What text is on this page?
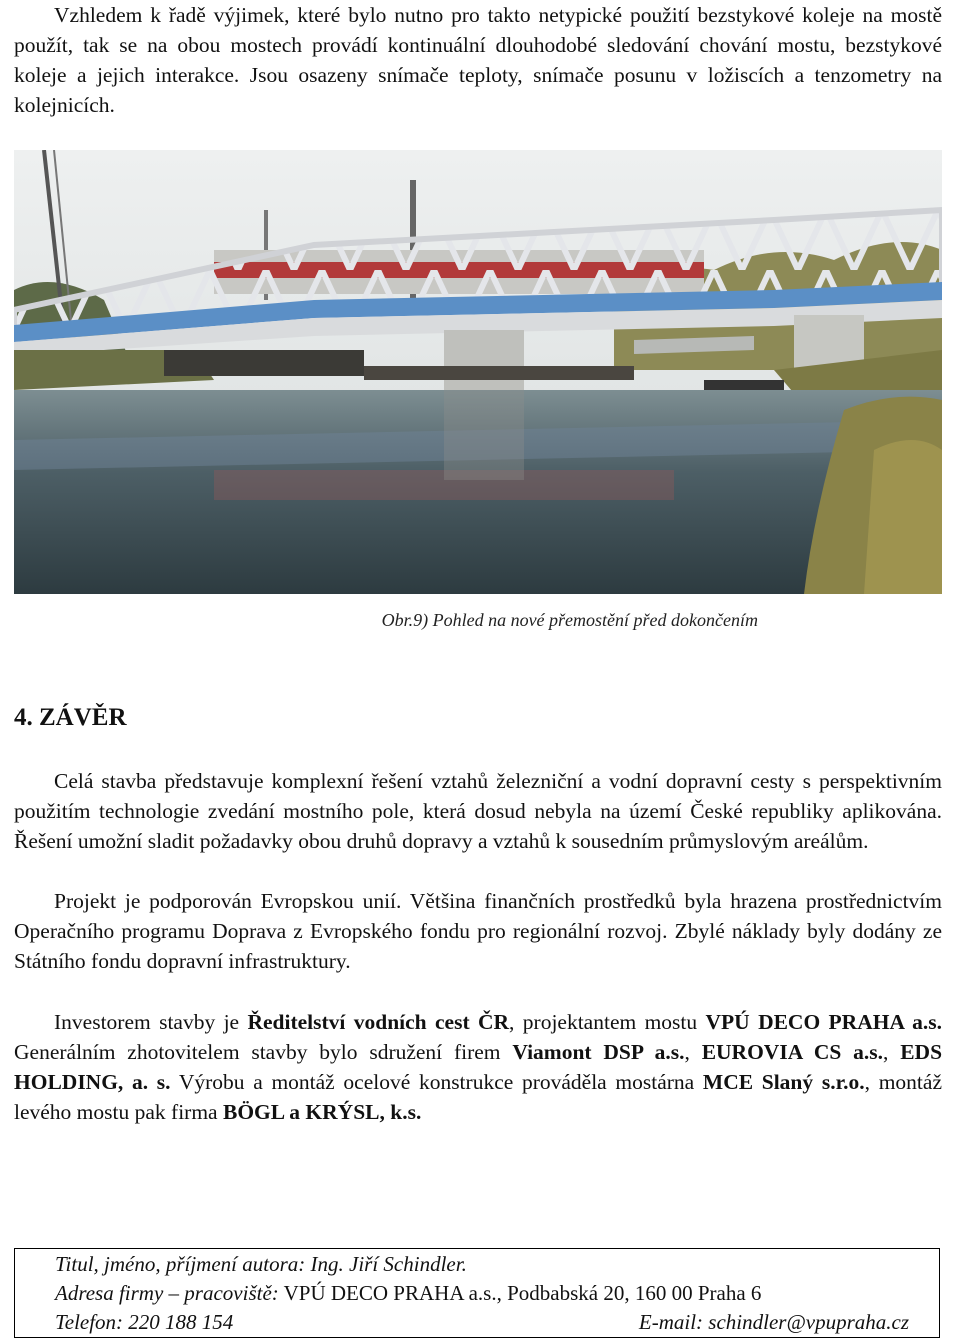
Vzhledem k řadě výjimek, které bylo nutno pro takto netypické použití bezstykové koleje na mostě použít, tak se na obou mostech provádí kontinuální dlouhodobé sledování chování mostu, bezstykové koleje a jejich interakce. Jsou osazeny snímače teploty, snímače posunu v ložiscích a tenzometry na kolejnicích.

Obr.9) Pohled na nové přemostění před dokončením
4. ZÁVĚR

Celá stavba představuje komplexní řešení vztahů železniční a vodní dopravní cesty s perspektivním použitím technologie zvedání mostního pole, která dosud nebyla na území České republiky aplikována. Řešení umožní sladit požadavky obou druhů dopravy a vztahů k sousedním průmyslovým areálům.

Projekt je podporován Evropskou unií. Většina finančních prostředků byla hrazena prostřednictvím Operačního programu Doprava z Evropského fondu pro regionální rozvoj. Zbylé náklady byly dodány ze Státního fondu dopravní infrastruktury.

Investorem stavby je Ředitelství vodních cest ČR, projektantem mostu VPÚ DECO PRAHA a.s. Generálním zhotovitelem stavby bylo sdružení firem Viamont DSP a.s., EUROVIA CS a.s., EDS HOLDING, a. s. Výrobu a montáž ocelové konstrukce prováděla mostárna MCE Slaný s.r.o., montáž levého mostu pak firma BÖGL a KRÝSL, k.s.

Titul, jméno, příjmení autora: Ing. Jiří Schindler.
Adresa firmy – pracoviště: VPÚ DECO PRAHA a.s., Podbabská 20, 160 00 Praha 6
Telefon: 220 188 154	E-mail: schindler@vpupraha.cz
